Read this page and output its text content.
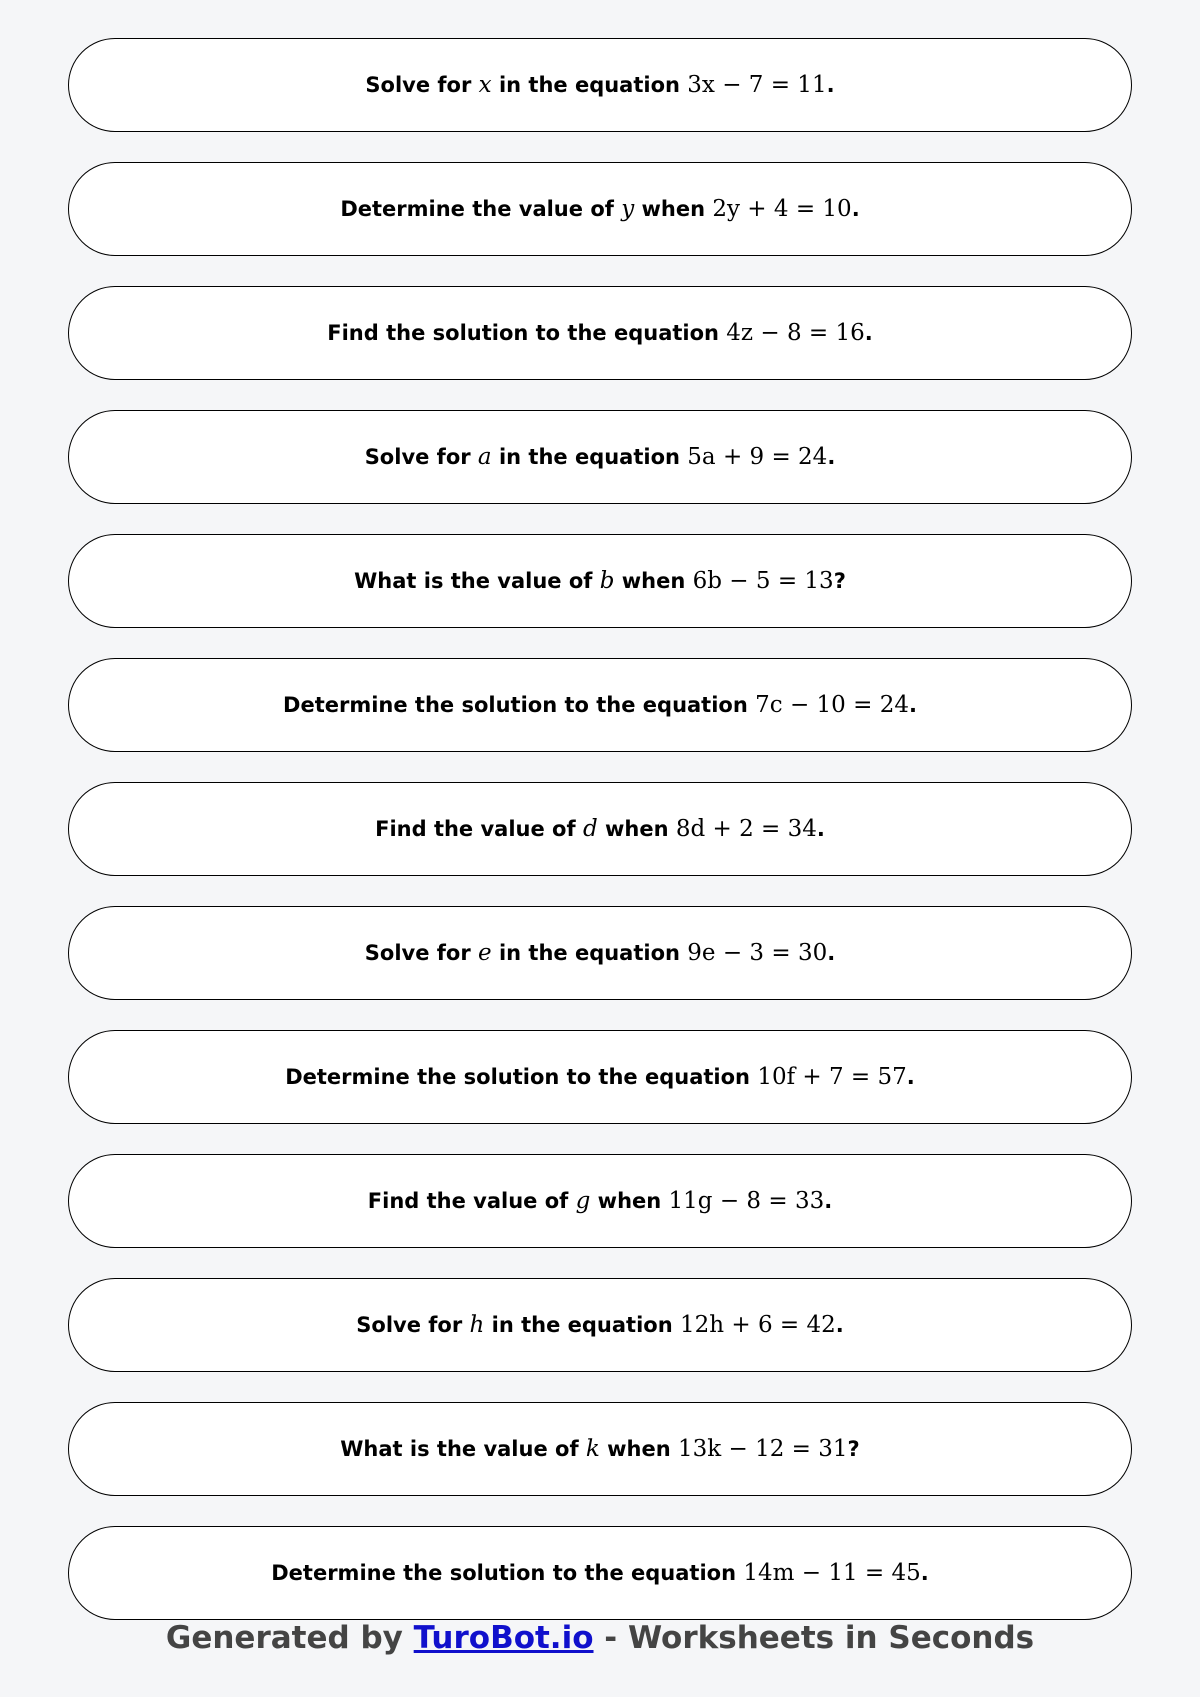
Solve for x in the equation 3x − 7 = 11 .
Determine the value of y when 2y + 4 = 10 .
Find the solution to the equation 4z − 8 = 16 .
Solve for a in the equation 5a + 9 = 24 .
What is the value of b when 6b − 5 = 13 ?
Determine the solution to the equation 7c − 10 = 24 .
Find the value of d when 8d + 2 = 34 .
Solve for e in the equation 9e − 3 = 30 .
Determine the solution to the equation 10f + 7 = 57 .
Find the value of g when 11g − 8 = 33 .
Solve for h in the equation 12h + 6 = 42 .
What is the value of k when 13k − 12 = 31 ?
Determine the solution to the equation 14m − 11 = 45 .
Generated by TuroBot.io - Worksheets in Seconds
